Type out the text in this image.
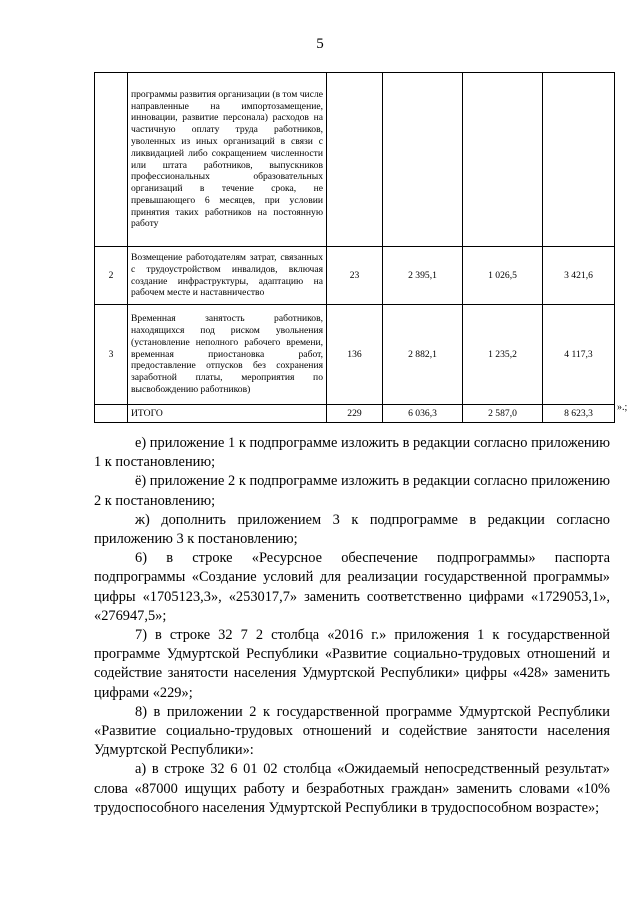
5
	программы развития организации (в том числе направленные на импортозамещение, инновации, развитие персонала) расходов на частичную оплату труда работников, уволенных из иных организаций в связи с ликвидацией либо сокращением численности или штата работников, выпускников профессиональных образовательных организаций в течение срока, не превышающего 6 месяцев, при условии принятия таких работников на постоянную работу				
2	Возмещение работодателям затрат, связанных с трудоустройством инвалидов, включая создание инфраструктуры, адаптацию на рабочем месте и наставничество	23	2 395,1	1 026,5	3 421,6
3	Временная занятость работников, находящихся под риском увольнения (установление неполного рабочего времени, временная приостановка работ, предоставление отпусков без сохранения заработной платы, мероприятия по высвобождению работников)	136	2 882,1	1 235,2	4 117,3
	ИТОГО	229	6 036,3	2 587,0	8 623,3
».;

е) приложение 1 к подпрограмме изложить в редакции согласно приложению 1 к постановлению;

ё) приложение 2 к подпрограмме изложить в редакции согласно приложению 2 к постановлению;

ж) дополнить приложением 3 к подпрограмме в редакции согласно приложению 3 к постановлению;

6) в строке «Ресурсное обеспечение подпрограммы» паспорта подпрограммы «Создание условий для реализации государственной программы» цифры «1705123,3», «253017,7» заменить соответственно цифрами «1729053,1», «276947,5»;

7) в строке 32 7 2 столбца «2016 г.» приложения 1 к государственной программе Удмуртской Республики «Развитие социально-трудовых отношений и содействие занятости населения Удмуртской Республики» цифры «428» заменить цифрами «229»;

8) в приложении 2 к государственной программе Удмуртской Республики «Развитие социально-трудовых отношений и содействие занятости населения Удмуртской Республики»:

а) в строке 32 6 01 02 столбца «Ожидаемый непосредственный результат» слова «87000 ищущих работу и безработных граждан» заменить словами «10% трудоспособного населения Удмуртской Республики в трудоспособном возрасте»;
